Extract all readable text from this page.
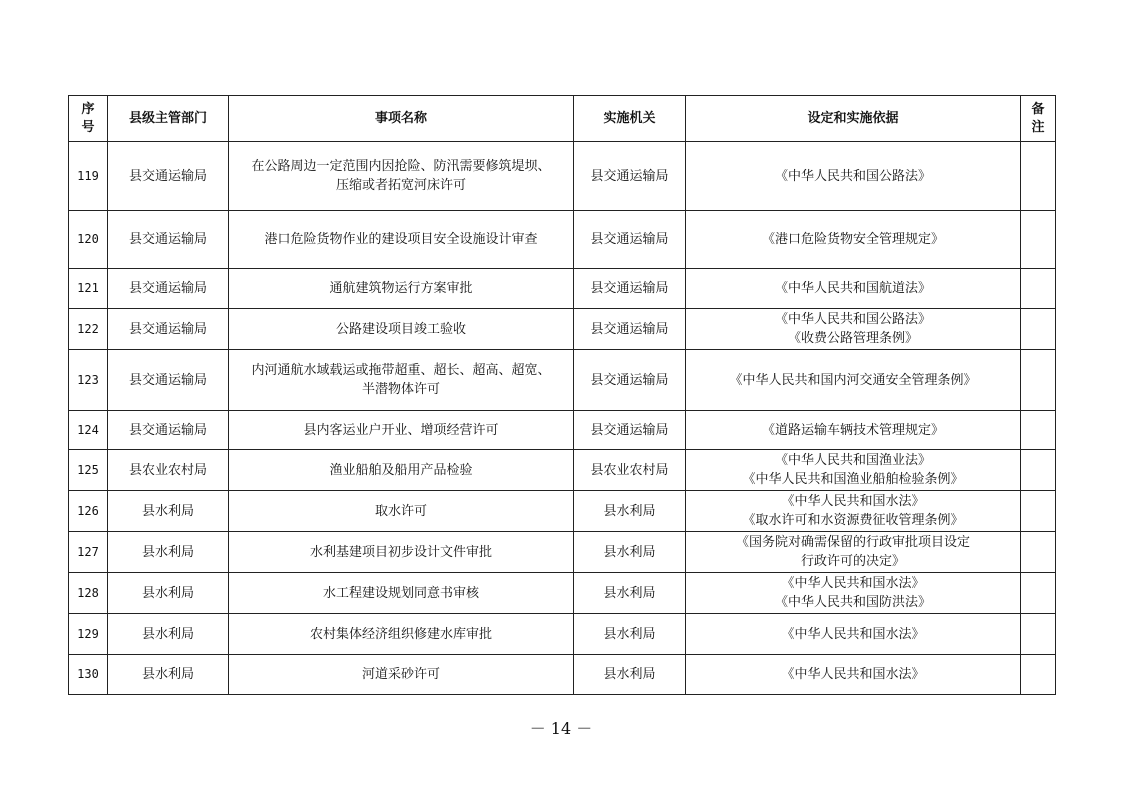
序
号	县级主管部门	事项名称	实施机关	设定和实施依据	备
注

119	县交通运输局	在公路周边一定范围内因抢险、防汛需要修筑堤坝、
压缩或者拓宽河床许可	县交通运输局	《中华人民共和国公路法》	

120	县交通运输局	港口危险货物作业的建设项目安全设施设计审查	县交通运输局	《港口危险货物安全管理规定》	

121	县交通运输局	通航建筑物运行方案审批	县交通运输局	《中华人民共和国航道法》	

122	县交通运输局	公路建设项目竣工验收	县交通运输局	《中华人民共和国公路法》
《收费公路管理条例》	

123	县交通运输局	内河通航水域载运或拖带超重、超长、超高、超宽、
半潜物体许可	县交通运输局	《中华人民共和国内河交通安全管理条例》	

124	县交通运输局	县内客运业户开业、增项经营许可	县交通运输局	《道路运输车辆技术管理规定》	

125	县农业农村局	渔业船舶及船用产品检验	县农业农村局	《中华人民共和国渔业法》
《中华人民共和国渔业船舶检验条例》	

126	县水利局	取水许可	县水利局	《中华人民共和国水法》
《取水许可和水资源费征收管理条例》	

127	县水利局	水利基建项目初步设计文件审批	县水利局	《国务院对确需保留的行政审批项目设定
行政许可的决定》	

128	县水利局	水工程建设规划同意书审核	县水利局	《中华人民共和国水法》
《中华人民共和国防洪法》	

129	县水利局	农村集体经济组织修建水库审批	县水利局	《中华人民共和国水法》	

130	县水利局	河道采砂许可	县水利局	《中华人民共和国水法》	

－ 14 －
